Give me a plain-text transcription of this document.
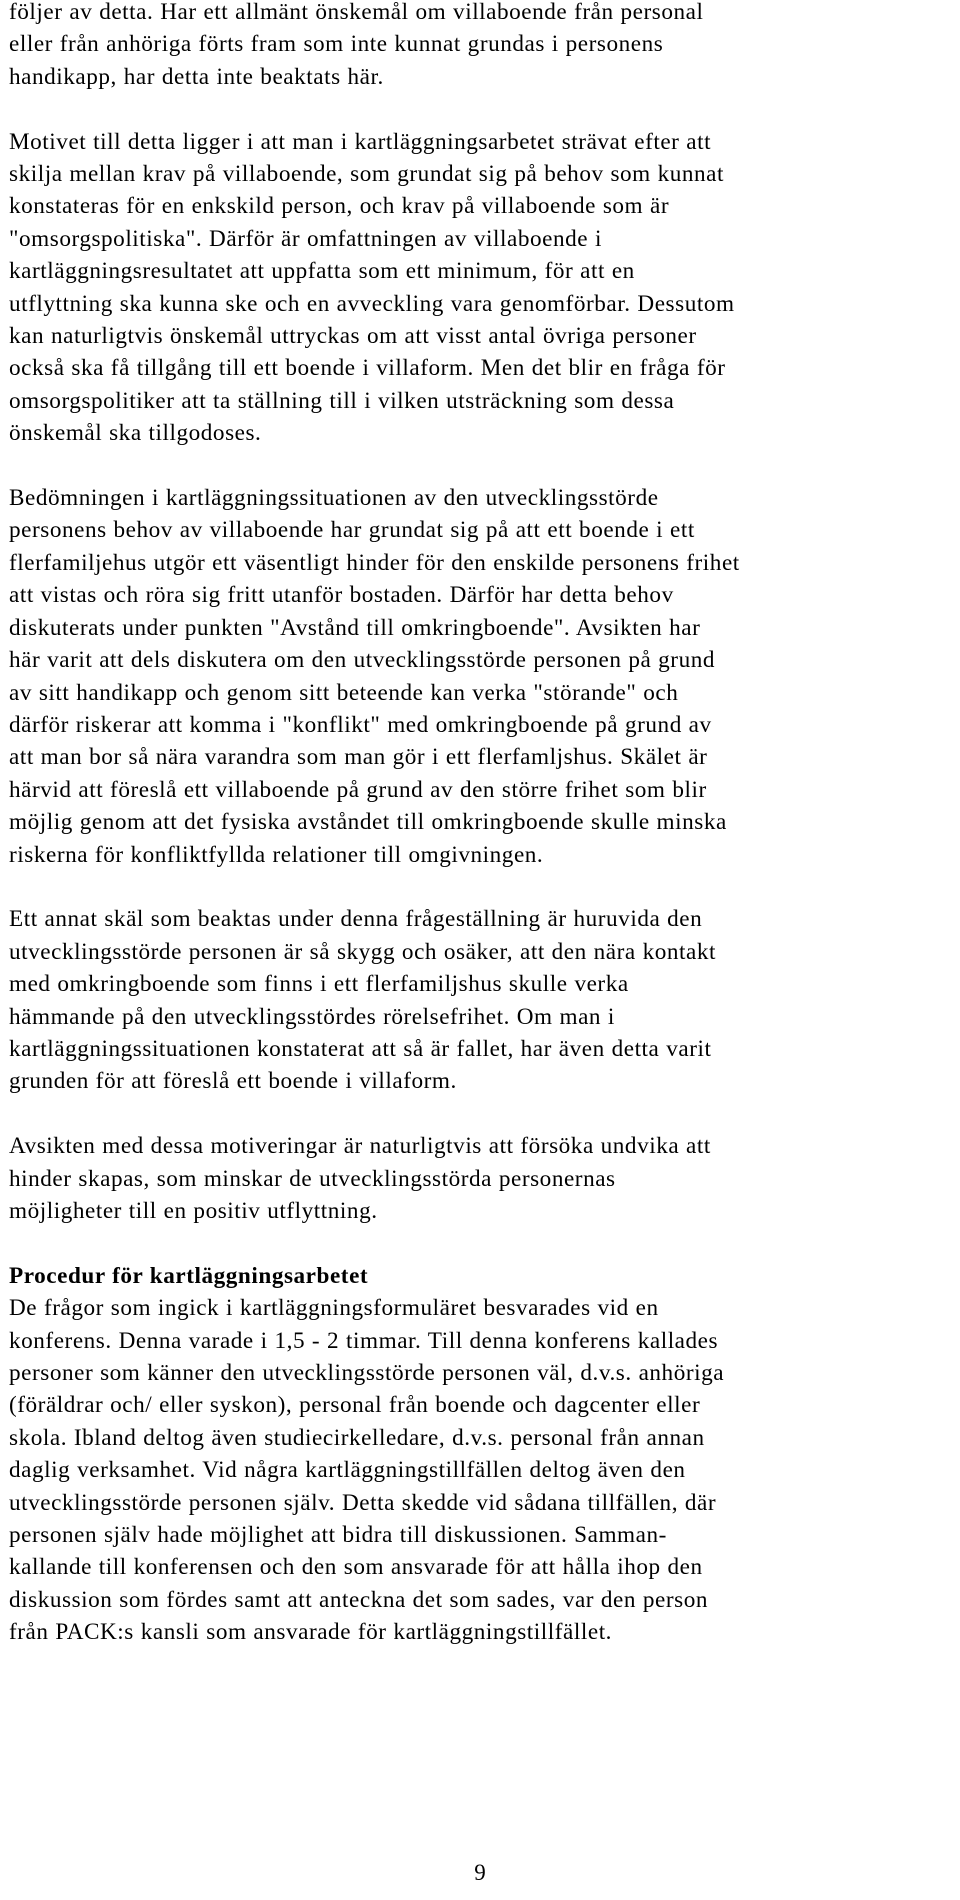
följer av detta. Har ett allmänt önskemål om villaboende från personal
eller från anhöriga förts fram som inte kunnat grundas i personens
handikapp, har detta inte beaktats här.

Motivet till detta ligger i att man i kartläggningsarbetet strävat efter att
skilja mellan krav på villaboende, som grundat sig på behov som kunnat
konstateras för en enkskild person, och krav på villaboende som är
"omsorgspolitiska". Därför är omfattningen av villaboende i
kartläggningsresultatet att uppfatta som ett minimum, för att en
utflyttning ska kunna ske och en avveckling vara genomförbar. Dessutom
kan naturligtvis önskemål uttryckas om att visst antal övriga personer
också ska få tillgång till ett boende i villaform. Men det blir en fråga för
omsorgspolitiker att ta ställning till i vilken utsträckning som dessa
önskemål ska tillgodoses.

Bedömningen i kartläggningssituationen av den utvecklingsstörde
personens behov av villaboende har grundat sig på att ett boende i ett
flerfamiljehus utgör ett väsentligt hinder för den enskilde personens frihet
att vistas och röra sig fritt utanför bostaden. Därför har detta behov
diskuterats under punkten "Avstånd till omkringboende". Avsikten har
här varit att dels diskutera om den utvecklingsstörde personen på grund
av sitt handikapp och genom sitt beteende kan verka "störande" och
därför riskerar att komma i "konflikt" med omkringboende på grund av
att man bor så nära varandra som man gör i ett flerfamljshus. Skälet är
härvid att föreslå ett villaboende på grund av den större frihet som blir
möjlig genom att det fysiska avståndet till omkringboende skulle minska
riskerna för konfliktfyllda relationer till omgivningen.

Ett annat skäl som beaktas under denna frågeställning är huruvida den
utvecklingsstörde personen är så skygg och osäker, att den nära kontakt
med omkringboende som finns i ett flerfamiljshus skulle verka
hämmande på den utvecklingsstördes rörelsefrihet. Om man i
kartläggningssituationen konstaterat att så är fallet, har även detta varit
grunden för att föreslå ett boende i villaform.

Avsikten med dessa motiveringar är naturligtvis att försöka undvika att
hinder skapas, som minskar de utvecklingsstörda personernas
möjligheter till en positiv utflyttning.

Procedur för kartläggningsarbetet
De frågor som ingick i kartläggningsformuläret besvarades vid en
konferens. Denna varade i 1,5 - 2 timmar. Till denna konferens kallades
personer som känner den utvecklingsstörde personen väl, d.v.s. anhöriga
(föräldrar och/ eller syskon), personal från boende och dagcenter eller
skola. Ibland deltog även studiecirkelledare, d.v.s. personal från annan
daglig verksamhet. Vid några kartläggningstillfällen deltog även den
utvecklingsstörde personen själv. Detta skedde vid sådana tillfällen, där
personen själv hade möjlighet att bidra till diskussionen. Samman-
kallande till konferensen och den som ansvarade för att hålla ihop den
diskussion som fördes samt att anteckna det som sades, var den person
från PACK:s kansli som ansvarade för kartläggningstillfället.

9
